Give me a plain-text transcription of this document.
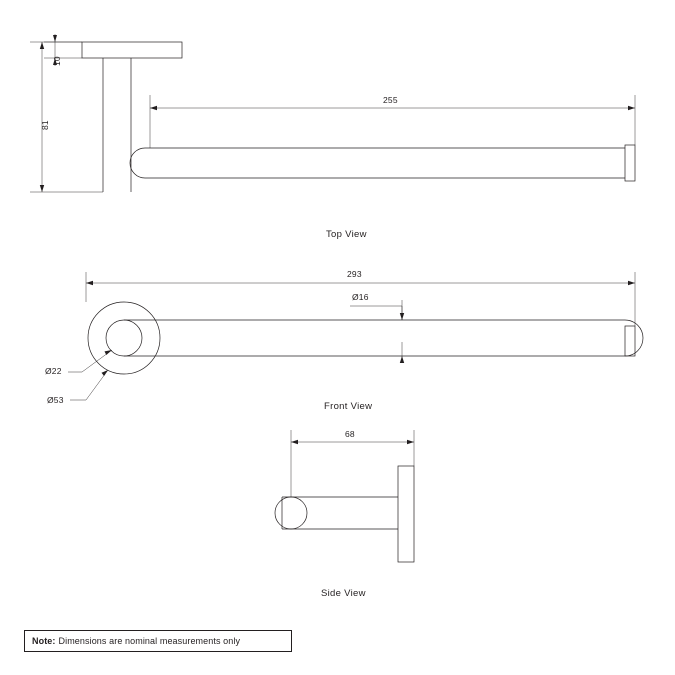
10
81
255
293
Ø16
Ø22
Ø53
68
Top View
Front View
Side View
Note: Dimensions are nominal measurements only
